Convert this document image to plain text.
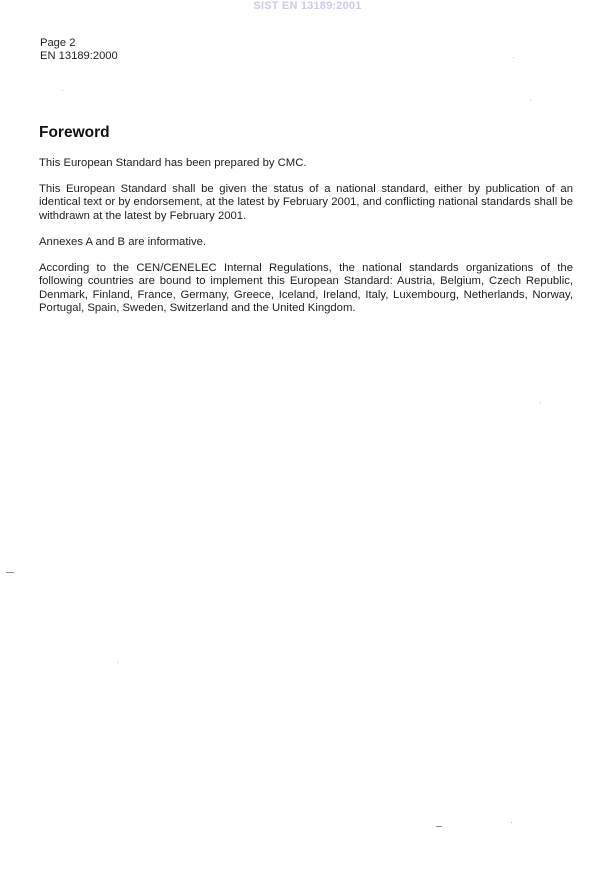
SIST EN 13189:2001
Page 2
EN 13189:2000
Foreword

This European Standard has been prepared by CMC.

This European Standard shall be given the status of a national standard, either by publication of an identical text or by endorsement, at the latest by February 2001, and conflicting national standards shall be withdrawn at the latest by February 2001.

Annexes A and B are informative.

According to the CEN/CENELEC Internal Regulations, the national standards organizations of the following countries are bound to implement this European Standard: Austria, Belgium, Czech Republic, Denmark, Finland, France, Germany, Greece, Iceland, Ireland, Italy, Luxembourg, Netherlands, Norway, Portugal, Spain, Sweden, Switzerland and the United Kingdom.
